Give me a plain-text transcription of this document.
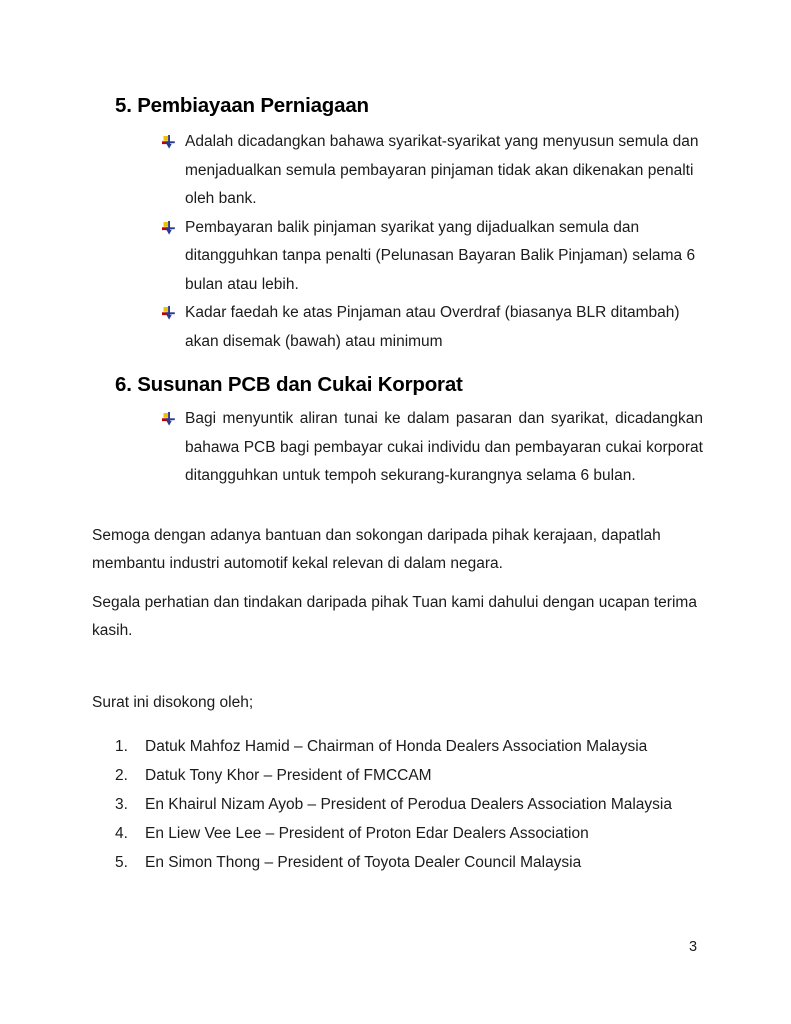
5. Pembiayaan Perniagaan
Adalah dicadangkan bahawa syarikat-syarikat yang menyusun semula dan menjadualkan semula pembayaran pinjaman tidak akan dikenakan penalti oleh bank.
Pembayaran balik pinjaman syarikat yang dijadualkan semula dan ditangguhkan tanpa penalti (Pelunasan Bayaran Balik Pinjaman) selama 6 bulan atau lebih.
Kadar faedah ke atas Pinjaman atau Overdraf (biasanya BLR ditambah) akan disemak (bawah) atau minimum
6. Susunan PCB dan Cukai Korporat
Bagi menyuntik aliran tunai ke dalam pasaran dan syarikat, dicadangkan bahawa PCB bagi pembayar cukai individu dan pembayaran cukai korporat ditangguhkan untuk tempoh sekurang-kurangnya selama 6 bulan.

Semoga dengan adanya bantuan dan sokongan daripada pihak kerajaan, dapatlah membantu industri automotif kekal relevan di dalam negara.

Segala perhatian dan tindakan daripada pihak Tuan kami dahului dengan ucapan terima kasih.

Surat ini disokong oleh;

1.	Datuk Mahfoz Hamid – Chairman of Honda Dealers Association Malaysia
2.	Datuk Tony Khor – President of FMCCAM
3.	En Khairul Nizam Ayob – President of Perodua Dealers Association Malaysia
4.	En Liew Vee Lee – President of Proton Edar Dealers Association
5.	En Simon Thong – President of Toyota Dealer Council Malaysia
3
